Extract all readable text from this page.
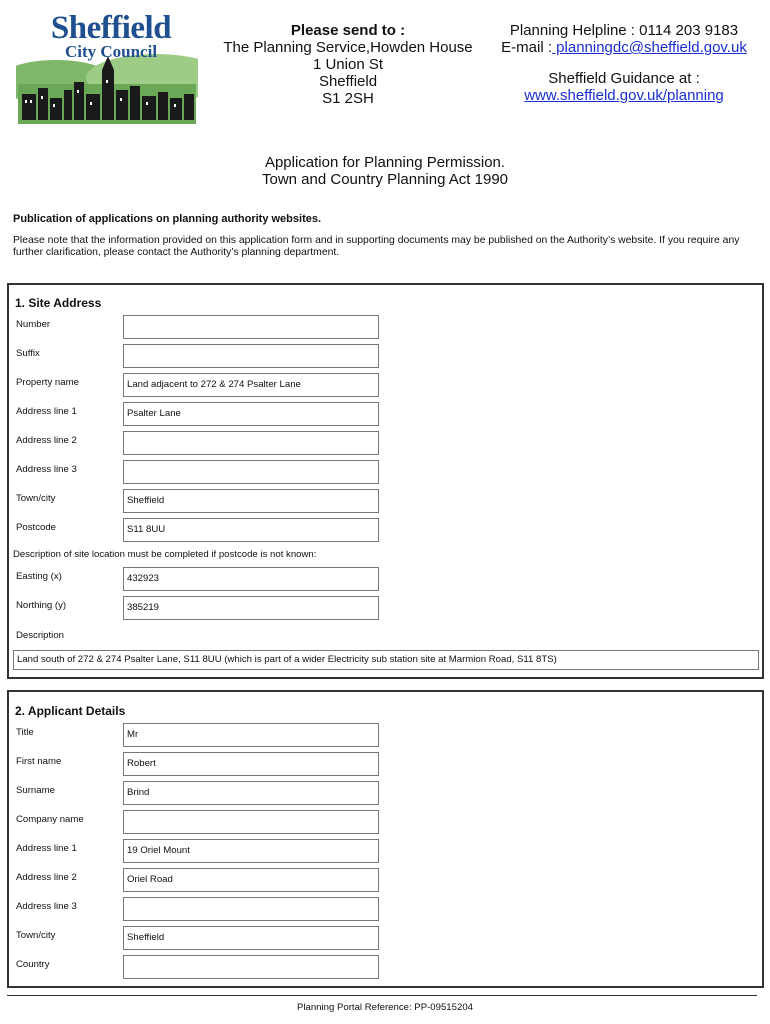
Sheffield
City Council
Please send to :
The Planning Service,Howden House
1 Union St
Sheffield
S1 2SH
Planning Helpline : 0114 203 9183
E-mail : planningdc@sheffield.gov.uk
Sheffield Guidance at :
www.sheffield.gov.uk/planning
Application for Planning Permission.
Town and Country Planning Act 1990
Publication of applications on planning authority websites.
Please note that the information provided on this application form and in supporting documents may be published on the Authority’s website. If you require any further clarification, please contact the Authority’s planning department.
1. Site Address
Number
Suffix
Property name	Land adjacent to 272 & 274 Psalter Lane
Address line 1	Psalter Lane
Address line 2
Address line 3
Town/city	Sheffield
Postcode	S11 8UU
Description of site location must be completed if postcode is not known:
Easting (x)	432923
Northing (y)	385219
Description
Land south of 272 & 274 Psalter Lane, S11 8UU (which is part of a wider Electricity sub station site at Marmion Road, S11 8TS)
2. Applicant Details
Title	Mr
First name	Robert
Surname	Brind
Company name
Address line 1	19 Oriel Mount
Address line 2	Oriel Road
Address line 3
Town/city	Sheffield
Country
Planning Portal Reference: PP-09515204
